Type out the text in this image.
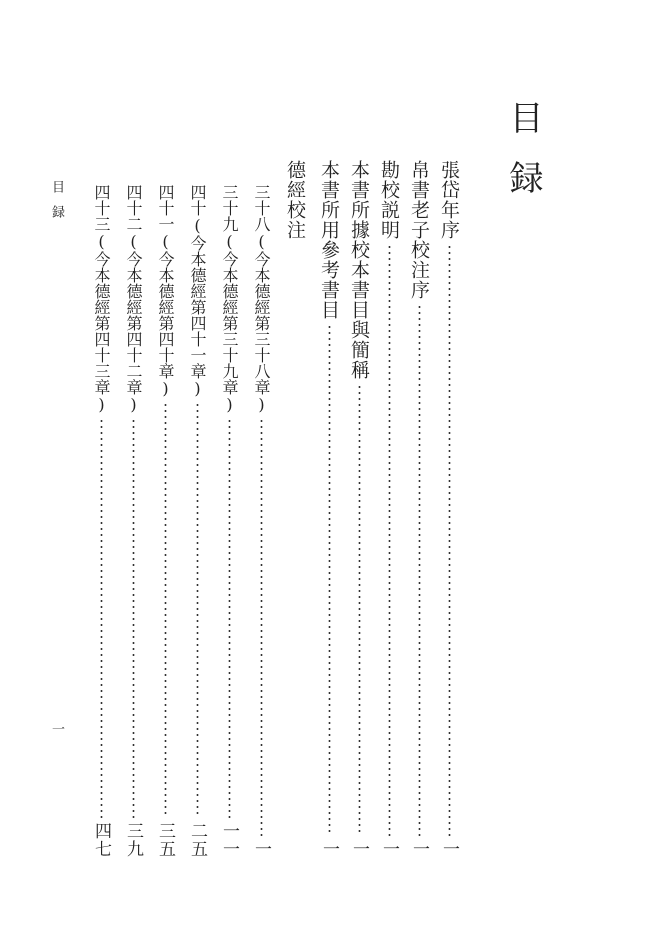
目録
張岱年序
一
帛書老子校注序
一
勘校説明
一
本書所據校本書目與簡稱
一
本書所用參考書目
一
德經校注
三十八(今本德經第三十八章)
一
三十九(今本德經第三十九章)
一一
四十(今本德經第四十一章)
二五
四十一(今本德經第四十章)
三五
四十二(今本德經第四十二章)
三九
四十三(今本德經第四十三章)
四七
目録
一
